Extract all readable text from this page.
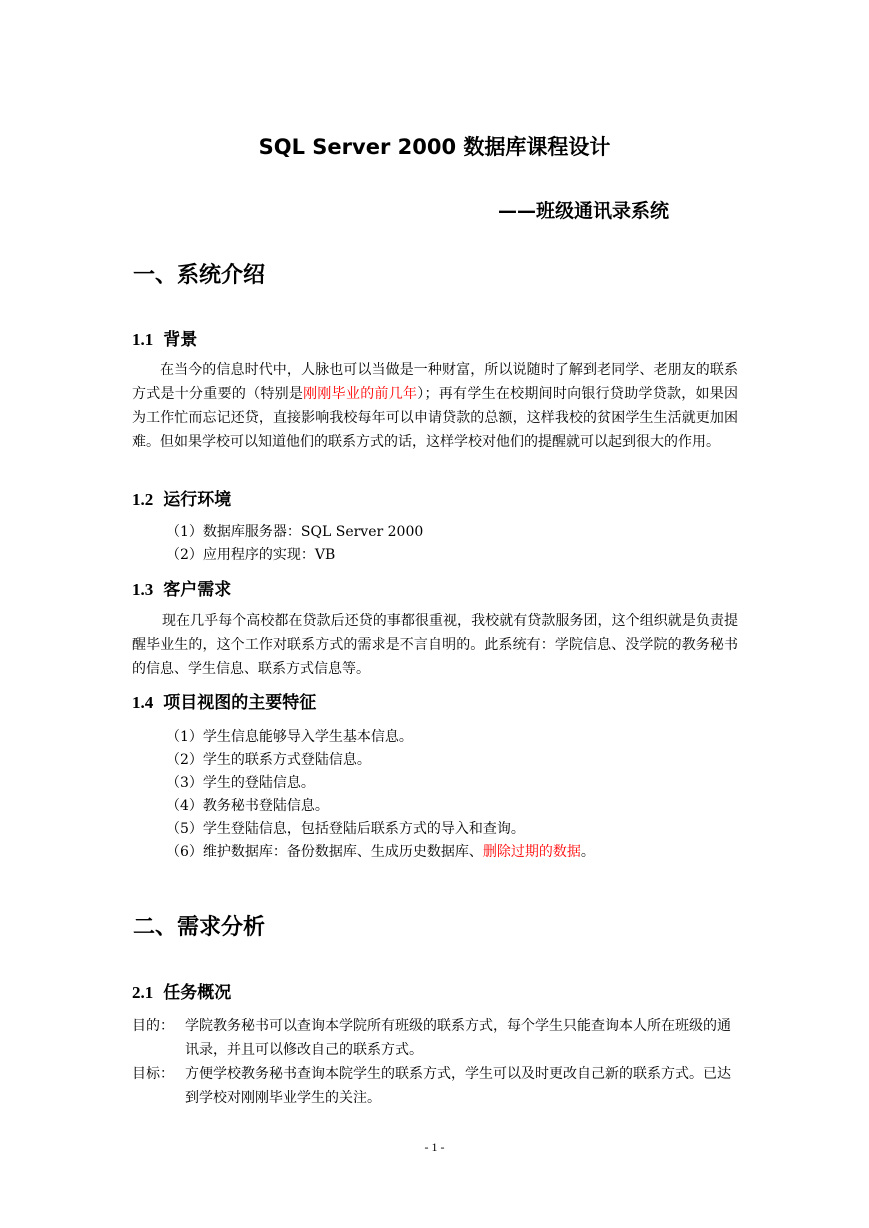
SQL Server 2000 数据库课程设计
——班级通讯录系统
一、系统介绍
1.1 背景
在当今的信息时代中，人脉也可以当做是一种财富，所以说随时了解到老同学、老朋友的联系方式是十分重要的（特别是刚刚毕业的前几年）；再有学生在校期间时向银行贷助学贷款，如果因为工作忙而忘记还贷，直接影响我校每年可以申请贷款的总额，这样我校的贫困学生生活就更加困难。但如果学校可以知道他们的联系方式的话，这样学校对他们的提醒就可以起到很大的作用。
1.2 运行环境
（1）数据库服务器：SQL Server 2000
（2）应用程序的实现：VB
1.3 客户需求
现在几乎每个高校都在贷款后还贷的事都很重视，我校就有贷款服务团，这个组织就是负责提醒毕业生的，这个工作对联系方式的需求是不言自明的。此系统有：学院信息、没学院的教务秘书的信息、学生信息、联系方式信息等。
1.4 项目视图的主要特征
（1）学生信息能够导入学生基本信息。
（2）学生的联系方式登陆信息。
（3）学生的登陆信息。
（4）教务秘书登陆信息。
（5）学生登陆信息，包括登陆后联系方式的导入和查询。
（6）维护数据库：备份数据库、生成历史数据库、删除过期的数据。
二、需求分析
2.1 任务概况
目的： 学院教务秘书可以查询本学院所有班级的联系方式，每个学生只能查询本人所在班级的通讯录，并且可以修改自己的联系方式。
目标： 方便学校教务秘书查询本院学生的联系方式，学生可以及时更改自己新的联系方式。已达到学校对刚刚毕业学生的关注。
- 1 -
